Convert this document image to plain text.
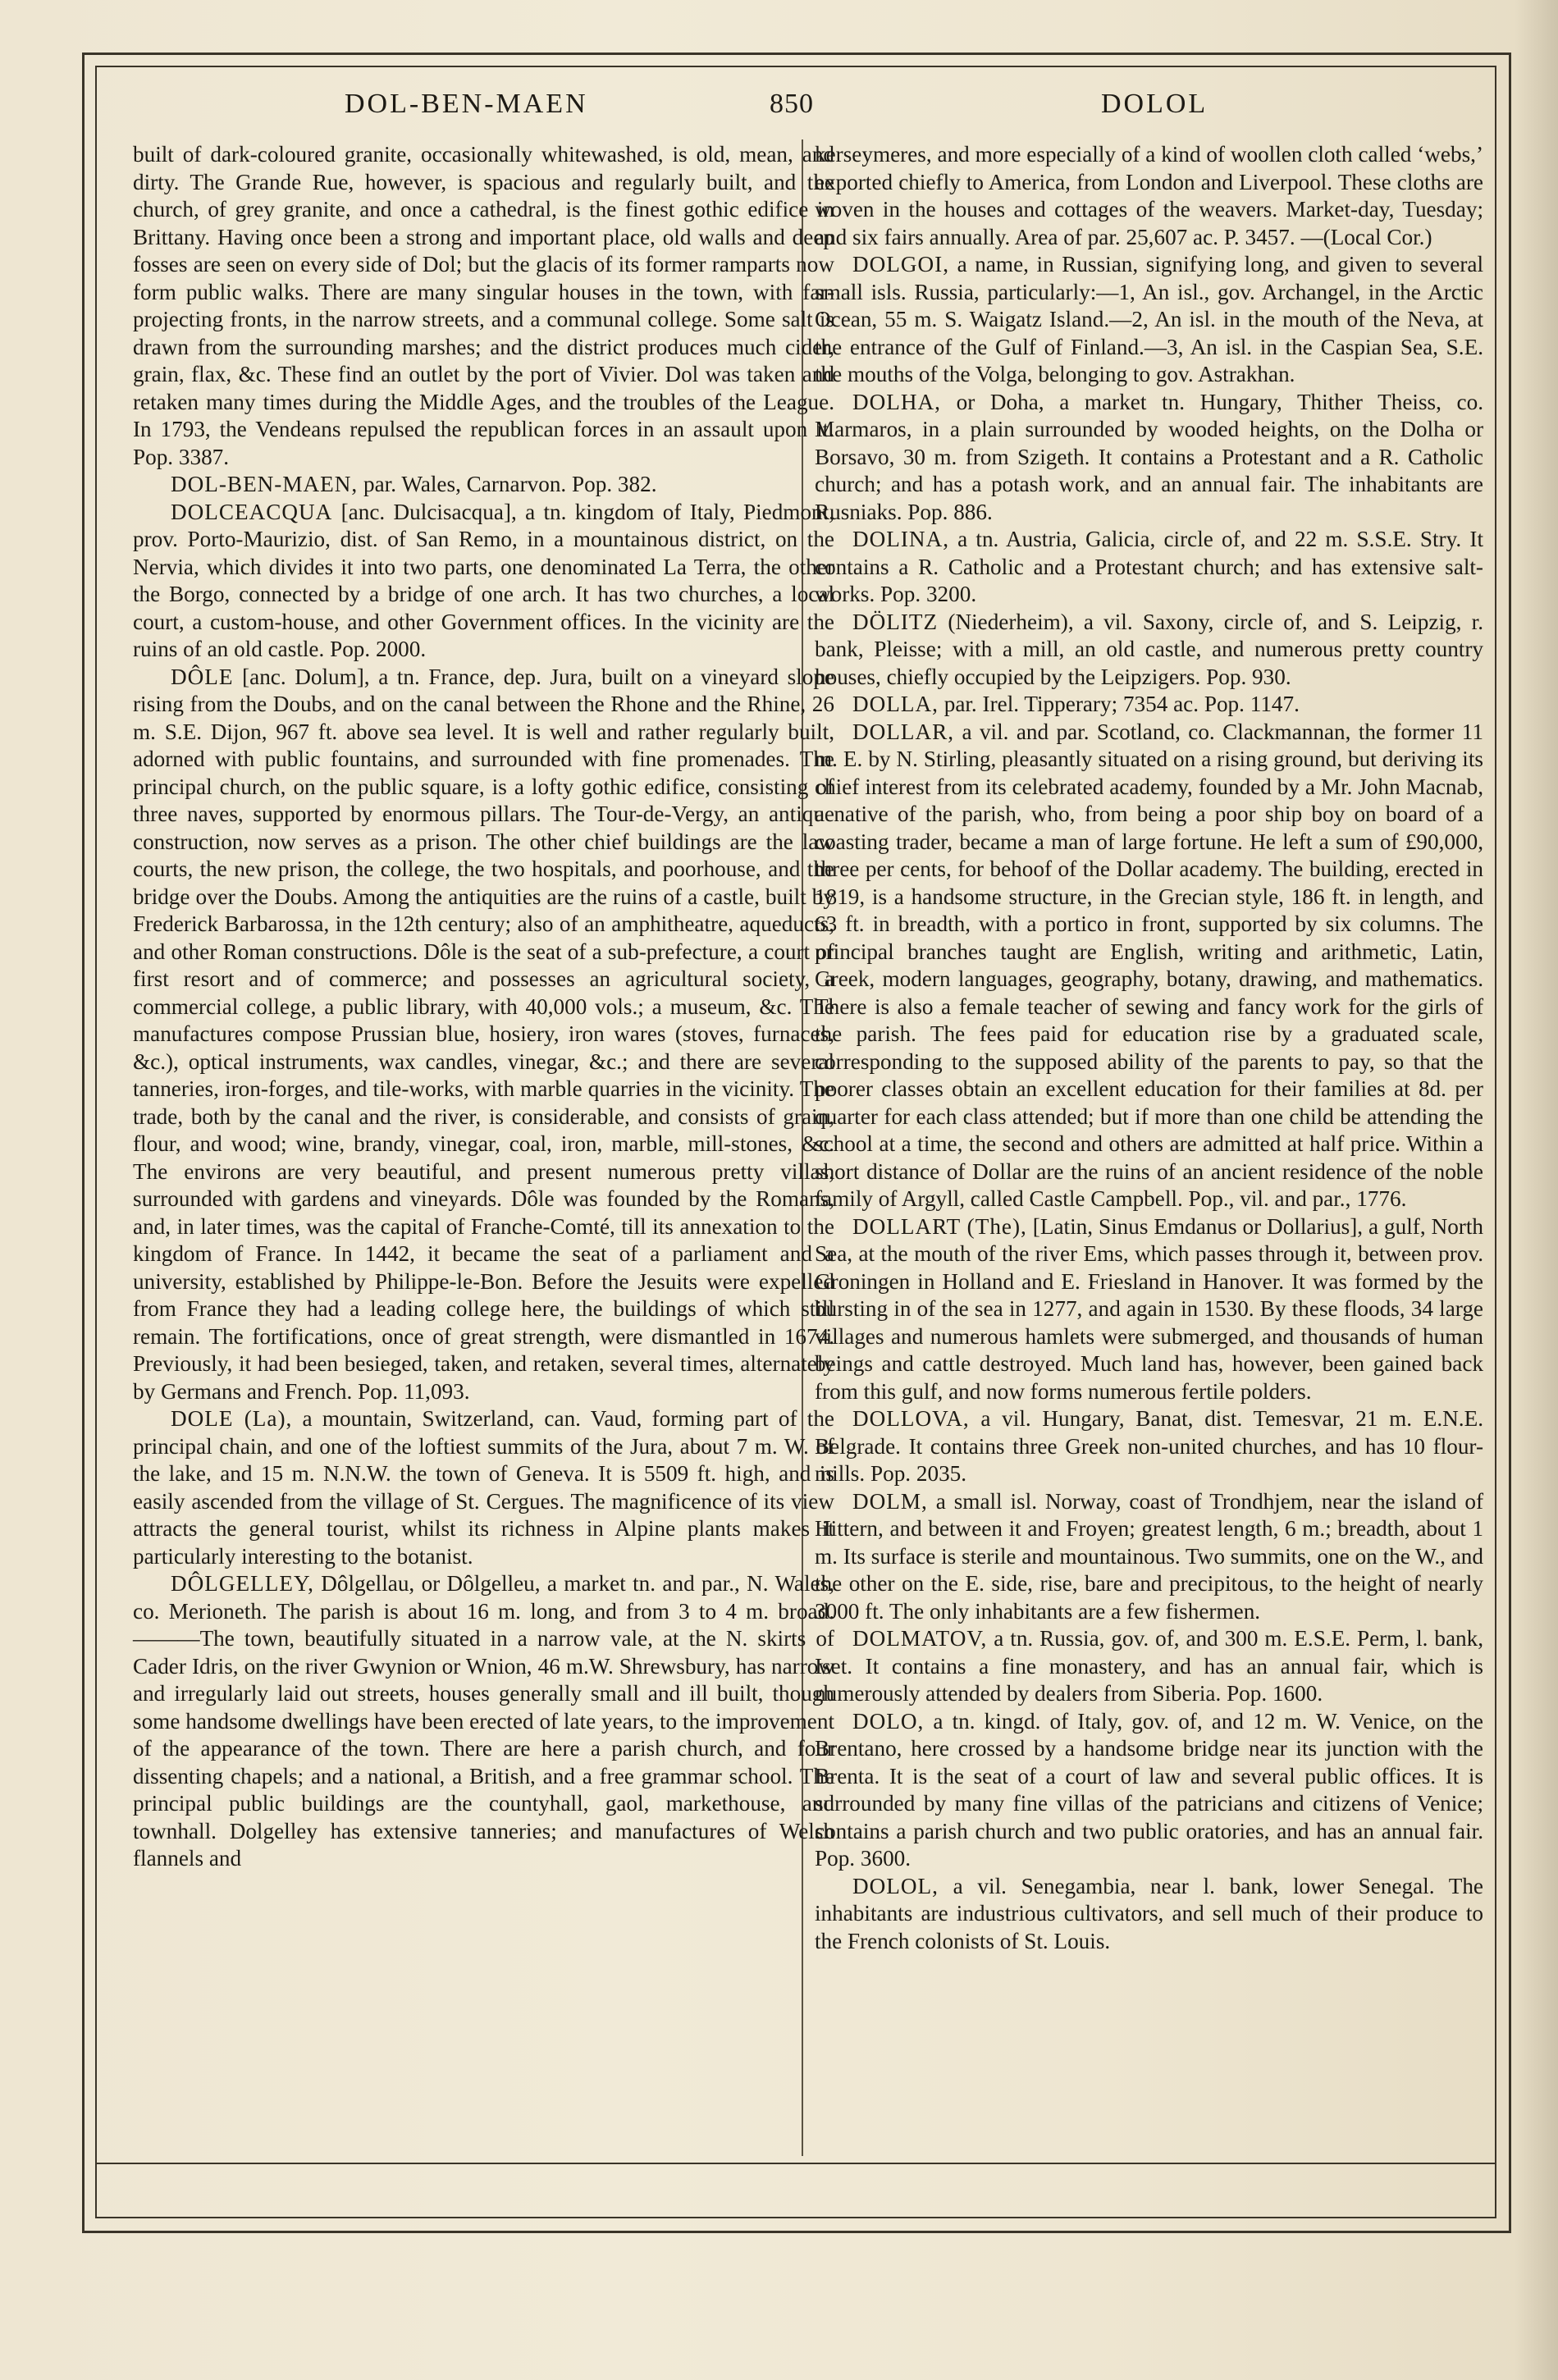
DOL-BEN-MAEN	850	DOLOL

built of dark-coloured granite, occasionally whitewashed, is old, mean, and dirty. The Grande Rue, however, is spacious and regularly built, and the church, of grey granite, and once a cathedral, is the finest gothic edifice in Brittany. Having once been a strong and important place, old walls and deep fosses are seen on every side of Dol; but the glacis of its former ramparts now form public walks. There are many singular houses in the town, with far-projecting fronts, in the narrow streets, and a communal college. Some salt is drawn from the surrounding marshes; and the district produces much cider, grain, flax, &c. These find an outlet by the port of Vivier. Dol was taken and retaken many times during the Middle Ages, and the troubles of the League. In 1793, the Vendeans repulsed the republican forces in an assault upon it. Pop. 3387.

DOL-BEN-MAEN, par. Wales, Carnarvon. Pop. 382.

DOLCEACQUA [anc. Dulcisacqua], a tn. kingdom of Italy, Piedmont, prov. Porto-Maurizio, dist. of San Remo, in a mountainous district, on the Nervia, which divides it into two parts, one denominated La Terra, the other the Borgo, connected by a bridge of one arch. It has two churches, a local court, a custom-house, and other Government offices. In the vicinity are the ruins of an old castle. Pop. 2000.

DÔLE [anc. Dolum], a tn. France, dep. Jura, built on a vineyard slope rising from the Doubs, and on the canal between the Rhone and the Rhine, 26 m. S.E. Dijon, 967 ft. above sea level. It is well and rather regularly built, adorned with public fountains, and surrounded with fine promenades. The principal church, on the public square, is a lofty gothic edifice, consisting of three naves, supported by enormous pillars. The Tour-de-Vergy, an antique construction, now serves as a prison. The other chief buildings are the law courts, the new prison, the college, the two hospitals, and poorhouse, and the bridge over the Doubs. Among the antiquities are the ruins of a castle, built by Frederick Barbarossa, in the 12th century; also of an amphitheatre, aqueducts, and other Roman constructions. Dôle is the seat of a sub-prefecture, a court of first resort and of commerce; and possesses an agricultural society, a commercial college, a public library, with 40,000 vols.; a museum, &c. The manufactures compose Prussian blue, hosiery, iron wares (stoves, furnaces, &c.), optical instruments, wax candles, vinegar, &c.; and there are several tanneries, iron-forges, and tile-works, with marble quarries in the vicinity. The trade, both by the canal and the river, is considerable, and consists of grain, flour, and wood; wine, brandy, vinegar, coal, iron, marble, mill-stones, &c. The environs are very beautiful, and present numerous pretty villas, surrounded with gardens and vineyards. Dôle was founded by the Romans, and, in later times, was the capital of Franche-Comté, till its annexation to the kingdom of France. In 1442, it became the seat of a parliament and a university, established by Philippe-le-Bon. Before the Jesuits were expelled from France they had a leading college here, the buildings of which still remain. The fortifications, once of great strength, were dismantled in 1674. Previously, it had been besieged, taken, and retaken, several times, alternately by Germans and French. Pop. 11,093.

DOLE (La), a mountain, Switzerland, can. Vaud, forming part of the principal chain, and one of the loftiest summits of the Jura, about 7 m. W. of the lake, and 15 m. N.N.W. the town of Geneva. It is 5509 ft. high, and is easily ascended from the village of St. Cergues. The magnificence of its view attracts the general tourist, whilst its richness in Alpine plants makes it particularly interesting to the botanist.

DÔLGELLEY, Dôlgellau, or Dôlgelleu, a market tn. and par., N. Wales, co. Merioneth. The parish is about 16 m. long, and from 3 to 4 m. broad.———The town, beautifully situated in a narrow vale, at the N. skirts of Cader Idris, on the river Gwynion or Wnion, 46 m.W. Shrewsbury, has narrow and irregularly laid out streets, houses generally small and ill built, though some handsome dwellings have been erected of late years, to the improvement of the appearance of the town. There are here a parish church, and four dissenting chapels; and a national, a British, and a free grammar school. The principal public buildings are the countyhall, gaol, markethouse, and townhall. Dolgelley has extensive tanneries; and manufactures of Welsh flannels and

kerseymeres, and more especially of a kind of woollen cloth called ‘webs,’ exported chiefly to America, from London and Liverpool. These cloths are woven in the houses and cottages of the weavers. Market-day, Tuesday; and six fairs annually. Area of par. 25,607 ac. P. 3457. —(Local Cor.)

DOLGOI, a name, in Russian, signifying long, and given to several small isls. Russia, particularly:—1, An isl., gov. Archangel, in the Arctic Ocean, 55 m. S. Waigatz Island.—2, An isl. in the mouth of the Neva, at the entrance of the Gulf of Finland.—3, An isl. in the Caspian Sea, S.E. the mouths of the Volga, belonging to gov. Astrakhan.

DOLHA, or Doha, a market tn. Hungary, Thither Theiss, co. Marmaros, in a plain surrounded by wooded heights, on the Dolha or Borsavo, 30 m. from Szigeth. It contains a Protestant and a R. Catholic church; and has a potash work, and an annual fair. The inhabitants are Rusniaks. Pop. 886.

DOLINA, a tn. Austria, Galicia, circle of, and 22 m. S.S.E. Stry. It contains a R. Catholic and a Protestant church; and has extensive salt-works. Pop. 3200.

DÖLITZ (Niederheim), a vil. Saxony, circle of, and S. Leipzig, r. bank, Pleisse; with a mill, an old castle, and numerous pretty country houses, chiefly occupied by the Leipzigers. Pop. 930.

DOLLA, par. Irel. Tipperary; 7354 ac. Pop. 1147.

DOLLAR, a vil. and par. Scotland, co. Clackmannan, the former 11 m. E. by N. Stirling, pleasantly situated on a rising ground, but deriving its chief interest from its celebrated academy, founded by a Mr. John Macnab, a native of the parish, who, from being a poor ship boy on board of a coasting trader, became a man of large fortune. He left a sum of £90,000, three per cents, for behoof of the Dollar academy. The building, erected in 1819, is a handsome structure, in the Grecian style, 186 ft. in length, and 63 ft. in breadth, with a portico in front, supported by six columns. The principal branches taught are English, writing and arithmetic, Latin, Greek, modern languages, geography, botany, drawing, and mathematics. There is also a female teacher of sewing and fancy work for the girls of the parish. The fees paid for education rise by a graduated scale, corresponding to the supposed ability of the parents to pay, so that the poorer classes obtain an excellent education for their families at 8d. per quarter for each class attended; but if more than one child be attending the school at a time, the second and others are admitted at half price. Within a short distance of Dollar are the ruins of an ancient residence of the noble family of Argyll, called Castle Campbell. Pop., vil. and par., 1776.

DOLLART (The), [Latin, Sinus Emdanus or Dollarius], a gulf, North Sea, at the mouth of the river Ems, which passes through it, between prov. Groningen in Holland and E. Friesland in Hanover. It was formed by the bursting in of the sea in 1277, and again in 1530. By these floods, 34 large villages and numerous hamlets were submerged, and thousands of human beings and cattle destroyed. Much land has, however, been gained back from this gulf, and now forms numerous fertile polders.

DOLLOVA, a vil. Hungary, Banat, dist. Temesvar, 21 m. E.N.E. Belgrade. It contains three Greek non-united churches, and has 10 flour-mills. Pop. 2035.

DOLM, a small isl. Norway, coast of Trondhjem, near the island of Hittern, and between it and Froyen; greatest length, 6 m.; breadth, about 1 m. Its surface is sterile and mountainous. Two summits, one on the W., and the other on the E. side, rise, bare and precipitous, to the height of nearly 3000 ft. The only inhabitants are a few fishermen.

DOLMATOV, a tn. Russia, gov. of, and 300 m. E.S.E. Perm, l. bank, Iset. It contains a fine monastery, and has an annual fair, which is numerously attended by dealers from Siberia. Pop. 1600.

DOLO, a tn. kingd. of Italy, gov. of, and 12 m. W. Venice, on the Brentano, here crossed by a handsome bridge near its junction with the Brenta. It is the seat of a court of law and several public offices. It is surrounded by many fine villas of the patricians and citizens of Venice; contains a parish church and two public oratories, and has an annual fair. Pop. 3600.

DOLOL, a vil. Senegambia, near l. bank, lower Senegal. The inhabitants are industrious cultivators, and sell much of their produce to the French colonists of St. Louis.
